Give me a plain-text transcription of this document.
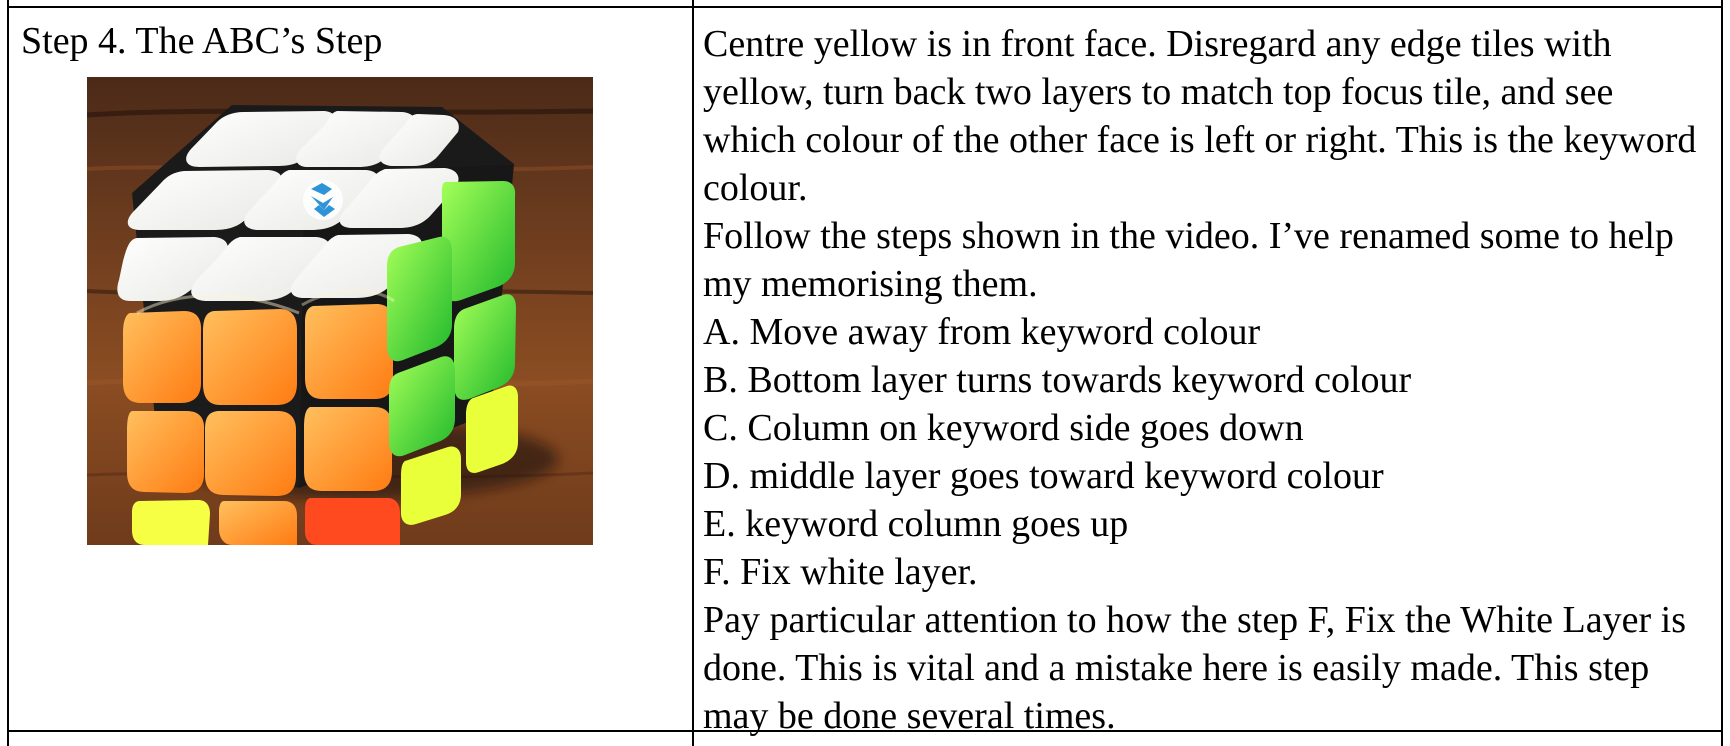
Step 4. The ABC’s Step	Centre yellow is in front face. Disregard any edge tiles with yellow, turn back two layers to match top focus tile, and see which colour of the other face is left or right. This is the keyword colour.

Follow the steps shown in the video. I’ve renamed some to help my memorising them.

A. Move away from keyword colour

B. Bottom layer turns towards keyword colour

C. Column on keyword side goes down

D. middle layer goes toward keyword colour

E. keyword column goes up

F. Fix white layer.

Pay particular attention to how the step F, Fix the White Layer is done. This is vital and a mistake here is easily made. This step may be done several times.
